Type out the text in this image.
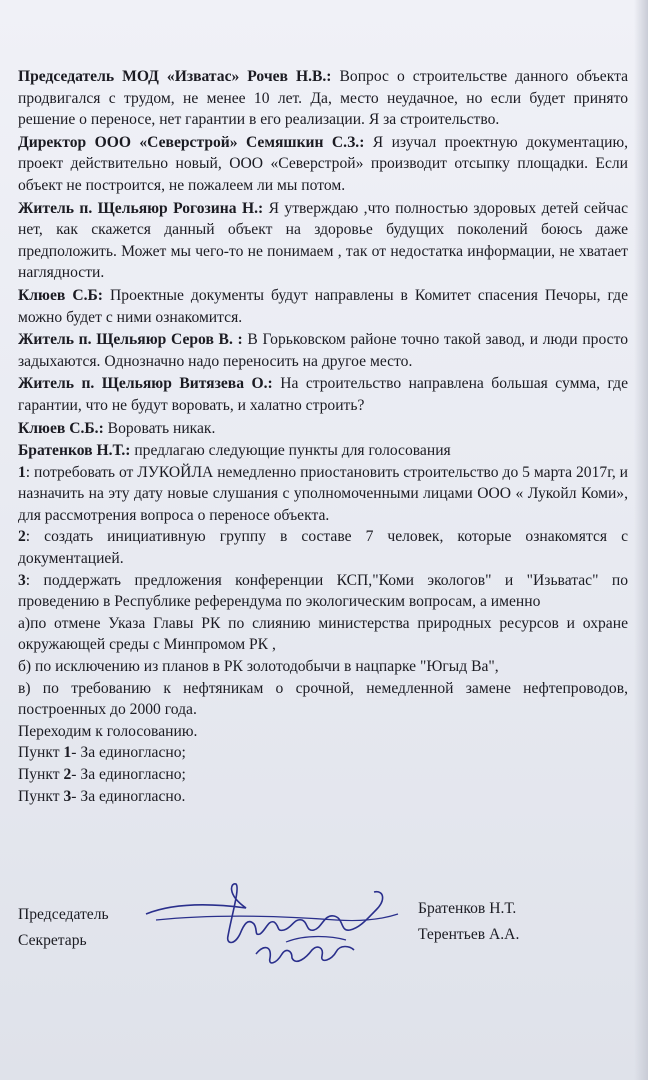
Председатель МОД «Изватас» Рочев Н.В.: Вопрос о строительстве данного объекта продвигался с трудом, не менее 10 лет. Да, место неудачное, но если будет принято решение о переносе, нет гарантии в его реализации. Я за строительство.

Директор ООО «Северстрой» Семяшкин С.З.: Я изучал проектную документацию, проект действительно новый, ООО «Северстрой» производит отсыпку площадки. Если объект не построится, не пожалеем ли мы потом.

Житель п. Щельяюр Рогозина Н.: Я утверждаю ,что полностью здоровых детей сейчас нет, как скажется данный объект на здоровье будущих поколений боюсь даже предположить. Может мы чего-то не понимаем , так от недостатка информации, не хватает наглядности.

Клюев С.Б: Проектные документы будут направлены в Комитет спасения Печоры, где можно будет с ними ознакомится.

Житель п. Щельяюр Серов В. : В Горьковском районе точно такой завод, и люди просто задыхаются. Однозначно надо переносить на другое место.

Житель п. Щельяюр Витязева О.: На строительство направлена большая сумма, где гарантии, что не будут воровать, и халатно строить?

Клюев С.Б.: Воровать никак.

Братенков Н.Т.: предлагаю следующие пункты для голосования

1: потребовать от ЛУКОЙЛА немедленно приостановить строительство до 5 марта 2017г, и назначить на эту дату новые слушания с уполномоченными лицами ООО « Лукойл Коми», для рассмотрения вопроса о переносе объекта.

2: создать инициативную группу в составе 7 человек, которые ознакомятся с документацией.

3: поддержать предложения конференции КСП,"Коми экологов" и "Изьватас" по проведению в Республике референдума по экологическим вопросам, а именно

а)по отмене Указа Главы РК по слиянию министерства природных ресурсов и охране окружающей среды с Минпромом РК ,

б) по исключению из планов в РК золотодобычи в нацпарке "Югыд Ва",

в) по требованию к нефтяникам о срочной, немедленной замене нефтепроводов, построенных до 2000 года.

Переходим к голосованию.

Пункт 1- За единогласно;

Пункт 2- За единогласно;

Пункт 3- За единогласно.

Председатель
Секретарь
Братенков Н.Т.
Терентьев А.А.
